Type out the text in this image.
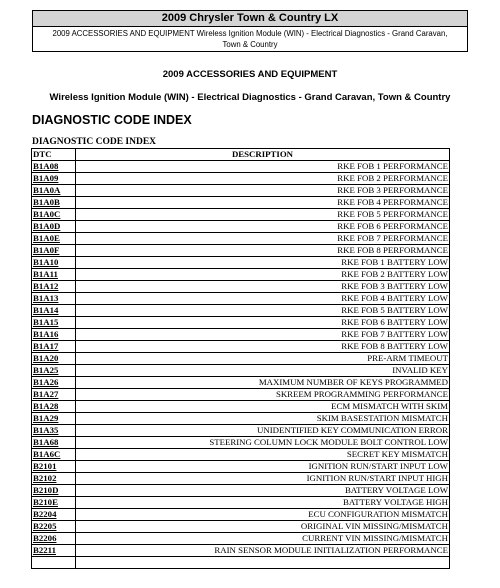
2009 Chrysler Town & Country LX
2009 ACCESSORIES AND EQUIPMENT Wireless Ignition Module (WIN) - Electrical Diagnostics - Grand Caravan, Town & Country
2009 ACCESSORIES AND EQUIPMENT
Wireless Ignition Module (WIN) - Electrical Diagnostics - Grand Caravan, Town & Country
DIAGNOSTIC CODE INDEX
DIAGNOSTIC CODE INDEX
DTC	DESCRIPTION
B1A08	RKE FOB 1 PERFORMANCE
B1A09	RKE FOB 2 PERFORMANCE
B1A0A	RKE FOB 3 PERFORMANCE
B1A0B	RKE FOB 4 PERFORMANCE
B1A0C	RKE FOB 5 PERFORMANCE
B1A0D	RKE FOB 6 PERFORMANCE
B1A0E	RKE FOB 7 PERFORMANCE
B1A0F	RKE FOB 8 PERFORMANCE
B1A10	RKE FOB 1 BATTERY LOW
B1A11	RKE FOB 2 BATTERY LOW
B1A12	RKE FOB 3 BATTERY LOW
B1A13	RKE FOB 4 BATTERY LOW
B1A14	RKE FOB 5 BATTERY LOW
B1A15	RKE FOB 6 BATTERY LOW
B1A16	RKE FOB 7 BATTERY LOW
B1A17	RKE FOB 8 BATTERY LOW
B1A20	PRE-ARM TIMEOUT
B1A25	INVALID KEY
B1A26	MAXIMUM NUMBER OF KEYS PROGRAMMED
B1A27	SKREEM PROGRAMMING PERFORMANCE
B1A28	ECM MISMATCH WITH SKIM
B1A29	SKIM BASESTATION MISMATCH
B1A35	UNIDENTIFIED KEY COMMUNICATION ERROR
B1A68	STEERING COLUMN LOCK MODULE BOLT CONTROL LOW
B1A6C	SECRET KEY MISMATCH
B2101	IGNITION RUN/START INPUT LOW
B2102	IGNITION RUN/START INPUT HIGH
B210D	BATTERY VOLTAGE LOW
B210E	BATTERY VOLTAGE HIGH
B2204	ECU CONFIGURATION MISMATCH
B2205	ORIGINAL VIN MISSING/MISMATCH
B2206	CURRENT VIN MISSING/MISMATCH
B2211	RAIN SENSOR MODULE INITIALIZATION PERFORMANCE
